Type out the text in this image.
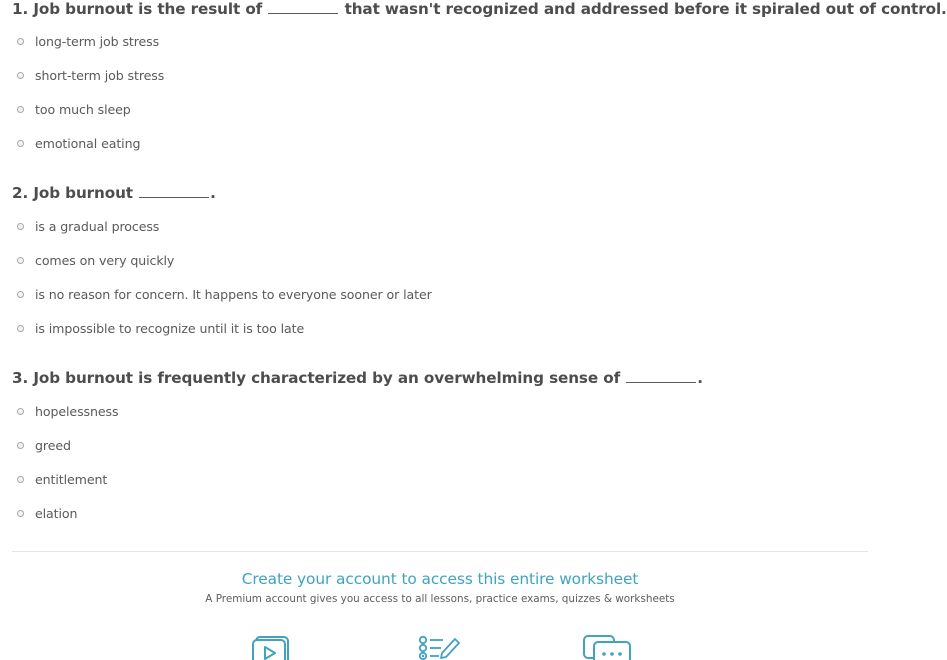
1. Job burnout is the result of	that wasn't recognized and addressed before it spiraled out of control.
long-term job stress
short-term job stress
too much sleep
emotional eating
2. Job burnout	.
is a gradual process
comes on very quickly
is no reason for concern. It happens to everyone sooner or later
is impossible to recognize until it is too late
3. Job burnout is frequently characterized by an overwhelming sense of	.
hopelessness
greed
entitlement
elation
Create your account to access this entire worksheet
A Premium account gives you access to all lessons, practice exams, quizzes & worksheets
